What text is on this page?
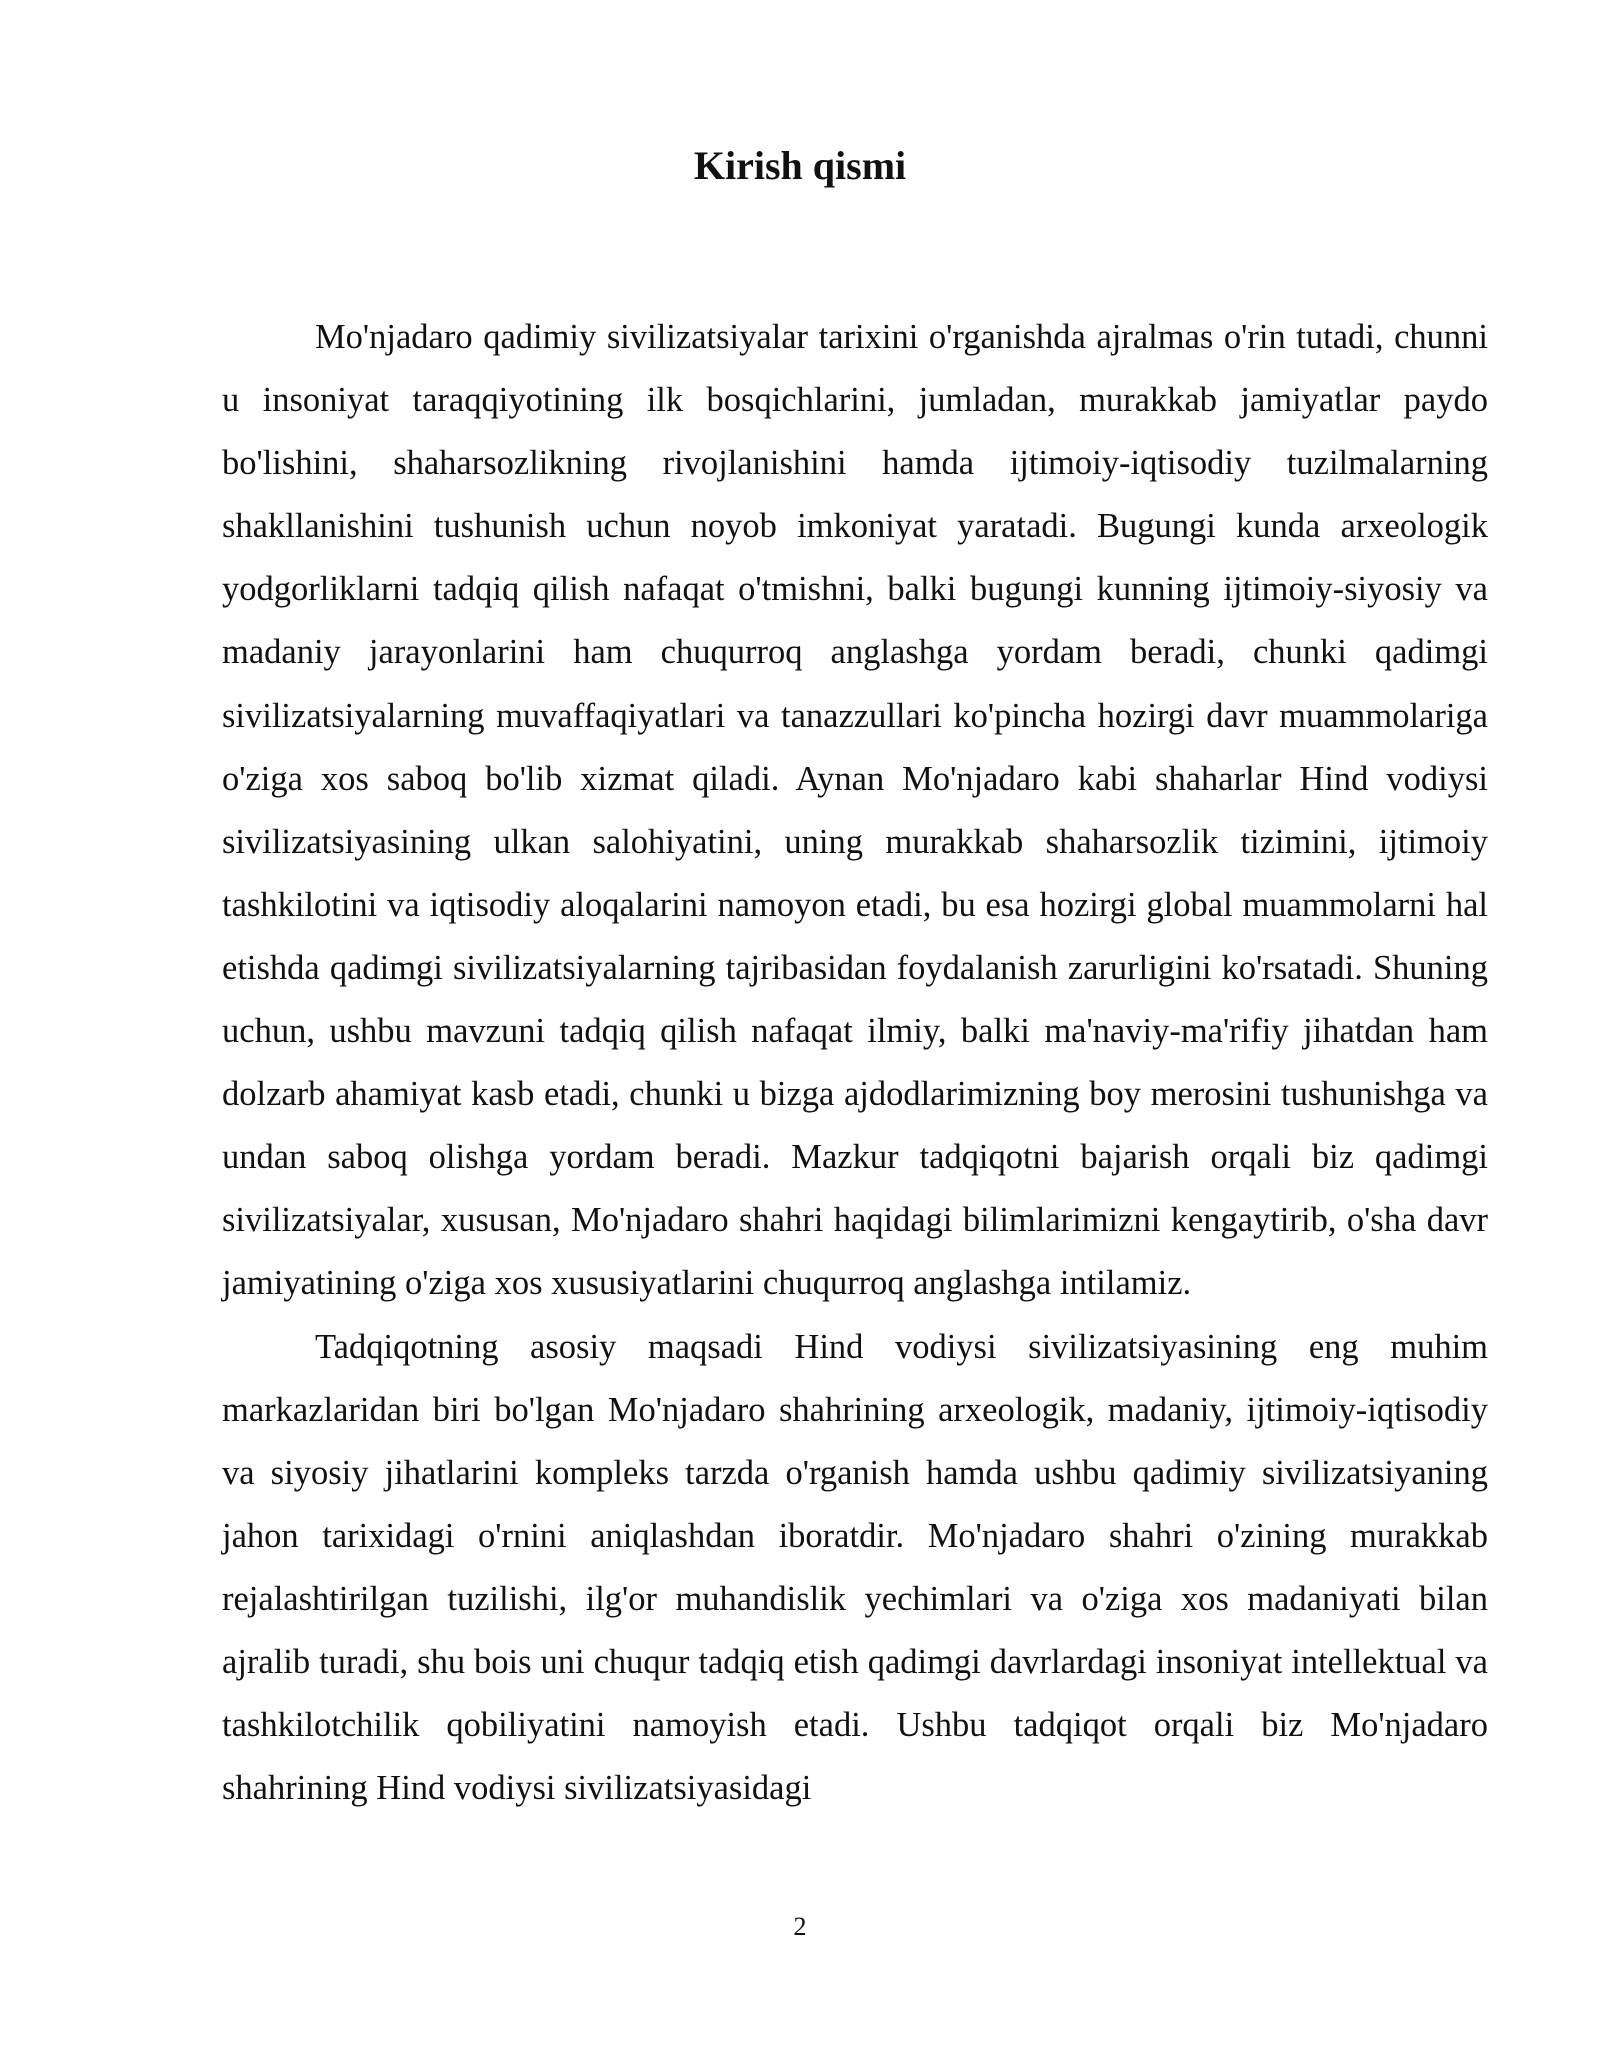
Kirish qismi

Mo'njadaro qadimiy sivilizatsiyalar tarixini o'rganishda ajralmas o'rin tutadi, chunni u insoniyat taraqqiyotining ilk bosqichlarini, jumladan, murakkab jamiyatlar paydo bo'lishini, shaharsozlikning rivojlanishini hamda ijtimoiy-iqtisodiy tuzilmalarning shakllanishini tushunish uchun noyob imkoniyat yaratadi. Bugungi kunda arxeologik yodgorliklarni tadqiq qilish nafaqat o'tmishni, balki bugungi kunning ijtimoiy-siyosiy va madaniy jarayonlarini ham chuqurroq anglashga yordam beradi, chunki qadimgi sivilizatsiyalarning muvaffaqiyatlari va tanazzullari ko'pincha hozirgi davr muammolariga o'ziga xos saboq bo'lib xizmat qiladi. Aynan Mo'njadaro kabi shaharlar Hind vodiysi sivilizatsiyasining ulkan salohiyatini, uning murakkab shaharsozlik tizimini, ijtimoiy tashkilotini va iqtisodiy aloqalarini namoyon etadi, bu esa hozirgi global muammolarni hal etishda qadimgi sivilizatsiyalarning tajribasidan foydalanish zarurligini ko'rsatadi. Shuning uchun, ushbu mavzuni tadqiq qilish nafaqat ilmiy, balki ma'naviy-ma'rifiy jihatdan ham dolzarb ahamiyat kasb etadi, chunki u bizga ajdodlarimizning boy merosini tushunishga va undan saboq olishga yordam beradi. Mazkur tadqiqotni bajarish orqali biz qadimgi sivilizatsiyalar, xususan, Mo'njadaro shahri haqidagi bilimlarimizni kengaytirib, o'sha davr jamiyatining o'ziga xos xususiyatlarini chuqurroq anglashga intilamiz.

Tadqiqotning asosiy maqsadi Hind vodiysi sivilizatsiyasining eng muhim markazlaridan biri bo'lgan Mo'njadaro shahrining arxeologik, madaniy, ijtimoiy-iqtisodiy va siyosiy jihatlarini kompleks tarzda o'rganish hamda ushbu qadimiy sivilizatsiyaning jahon tarixidagi o'rnini aniqlashdan iboratdir. Mo'njadaro shahri o'zining murakkab rejalashtirilgan tuzilishi, ilg'or muhandislik yechimlari va o'ziga xos madaniyati bilan ajralib turadi, shu bois uni chuqur tadqiq etish qadimgi davrlardagi insoniyat intellektual va tashkilotchilik qobiliyatini namoyish etadi. Ushbu tadqiqot orqali biz Mo'njadaro shahrining Hind vodiysi sivilizatsiyasidagi

2
